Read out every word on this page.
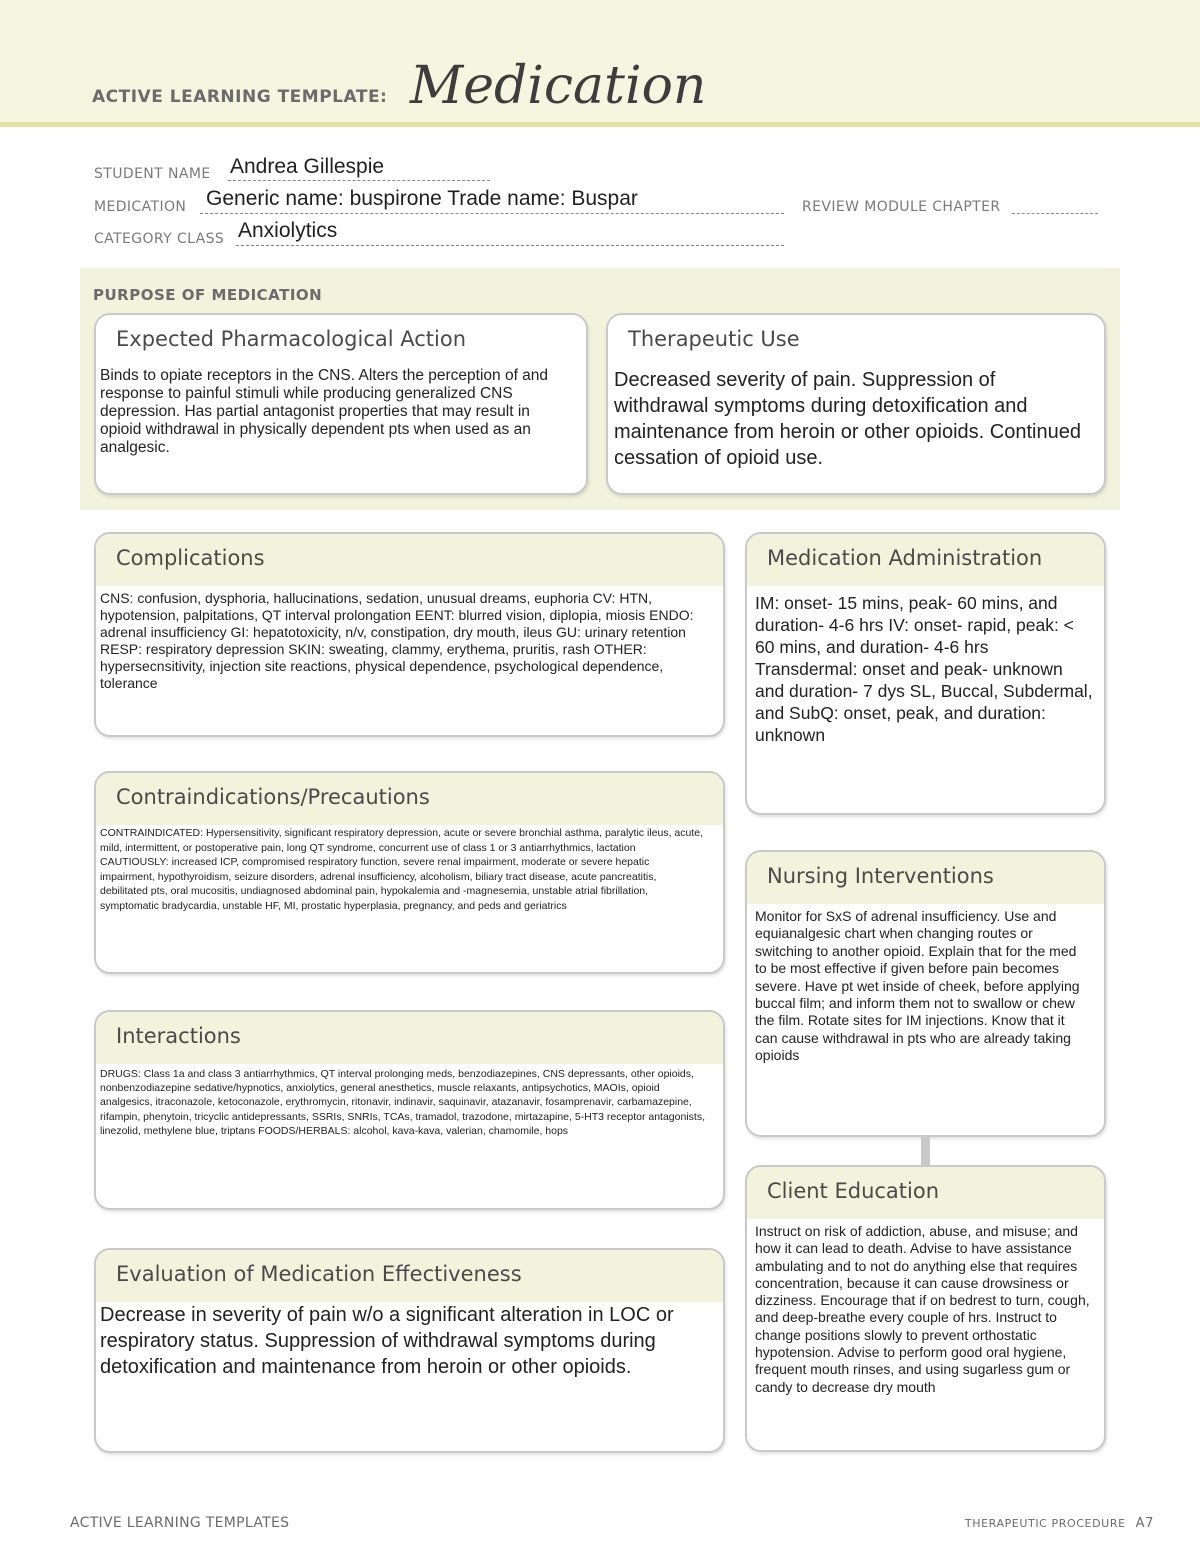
ACTIVE LEARNING TEMPLATE: Medication
STUDENT NAME Andrea Gillespie
MEDICATION Generic name: buspirone Trade name: Buspar	REVIEW MODULE CHAPTER
CATEGORY CLASS Anxiolytics
PURPOSE OF MEDICATION
Expected Pharmacological Action
Binds to opiate receptors in the CNS. Alters the perception of and response to painful stimuli while producing generalized CNS depression. Has partial antagonist properties that may result in opioid withdrawal in physically dependent pts when used as an analgesic.
Therapeutic Use
Decreased severity of pain. Suppression of withdrawal symptoms during detoxification and maintenance from heroin or other opioids. Continued cessation of opioid use.
Complications
CNS: confusion, dysphoria, hallucinations, sedation, unusual dreams, euphoria CV: HTN, hypotension, palpitations, QT interval prolongation EENT: blurred vision, diplopia, miosis ENDO: adrenal insufficiency GI: hepatotoxicity, n/v, constipation, dry mouth, ileus GU: urinary retention RESP: respiratory depression SKIN: sweating, clammy, erythema, pruritis, rash OTHER: hypersecnsitivity, injection site reactions, physical dependence, psychological dependence, tolerance
Medication Administration
IM: onset- 15 mins, peak- 60 mins, and duration- 4-6 hrs IV: onset- rapid, peak: < 60 mins, and duration- 4-6 hrs Transdermal: onset and peak- unknown and duration- 7 dys SL, Buccal, Subdermal, and SubQ: onset, peak, and duration: unknown
Contraindications/Precautions
CONTRAINDICATED: Hypersensitivity, significant respiratory depression, acute or severe bronchial asthma, paralytic ileus, acute, mild, intermittent, or postoperative pain, long QT syndrome, concurrent use of class 1 or 3 antiarrhythmics, lactation CAUTIOUSLY: increased ICP, compromised respiratory function, severe renal impairment, moderate or severe hepatic impairment, hypothyroidism, seizure disorders, adrenal insufficiency, alcoholism, biliary tract disease, acute pancreatitis, debilitated pts, oral mucositis, undiagnosed abdominal pain, hypokalemia and -magnesemia, unstable atrial fibrillation, symptomatic bradycardia, unstable HF, MI, prostatic hyperplasia, pregnancy, and peds and geriatrics
Nursing Interventions
Monitor for SxS of adrenal insufficiency. Use and equianalgesic chart when changing routes or switching to another opioid. Explain that for the med to be most effective if given before pain becomes severe. Have pt wet inside of cheek, before applying buccal film; and inform them not to swallow or chew the film. Rotate sites for IM injections. Know that it can cause withdrawal in pts who are already taking opioids
Interactions
DRUGS: Class 1a and class 3 antiarrhythmics, QT interval prolonging meds, benzodiazepines, CNS depressants, other opioids, nonbenzodiazepine sedative/hypnotics, anxiolytics, general anesthetics, muscle relaxants, antipsychotics, MAOIs, opioid analgesics, itraconazole, ketoconazole, erythromycin, ritonavir, indinavir, saquinavir, atazanavir, fosamprenavir, carbamazepine, rifampin, phenytoin, tricyclic antidepressants, SSRIs, SNRIs, TCAs, tramadol, trazodone, mirtazapine, 5-HT3 receptor antagonists, linezolid, methylene blue, triptans FOODS/HERBALS: alcohol, kava-kava, valerian, chamomile, hops
Client Education
Instruct on risk of addiction, abuse, and misuse; and how it can lead to death. Advise to have assistance ambulating and to not do anything else that requires concentration, because it can cause drowsiness or dizziness. Encourage that if on bedrest to turn, cough, and deep-breathe every couple of hrs. Instruct to change positions slowly to prevent orthostatic hypotension. Advise to perform good oral hygiene, frequent mouth rinses, and using sugarless gum or candy to decrease dry mouth
Evaluation of Medication Effectiveness
Decrease in severity of pain w/o a significant alteration in LOC or respiratory status. Suppression of withdrawal symptoms during detoxification and maintenance from heroin or other opioids.
ACTIVE LEARNING TEMPLATES	THERAPEUTIC PROCEDURE A7
